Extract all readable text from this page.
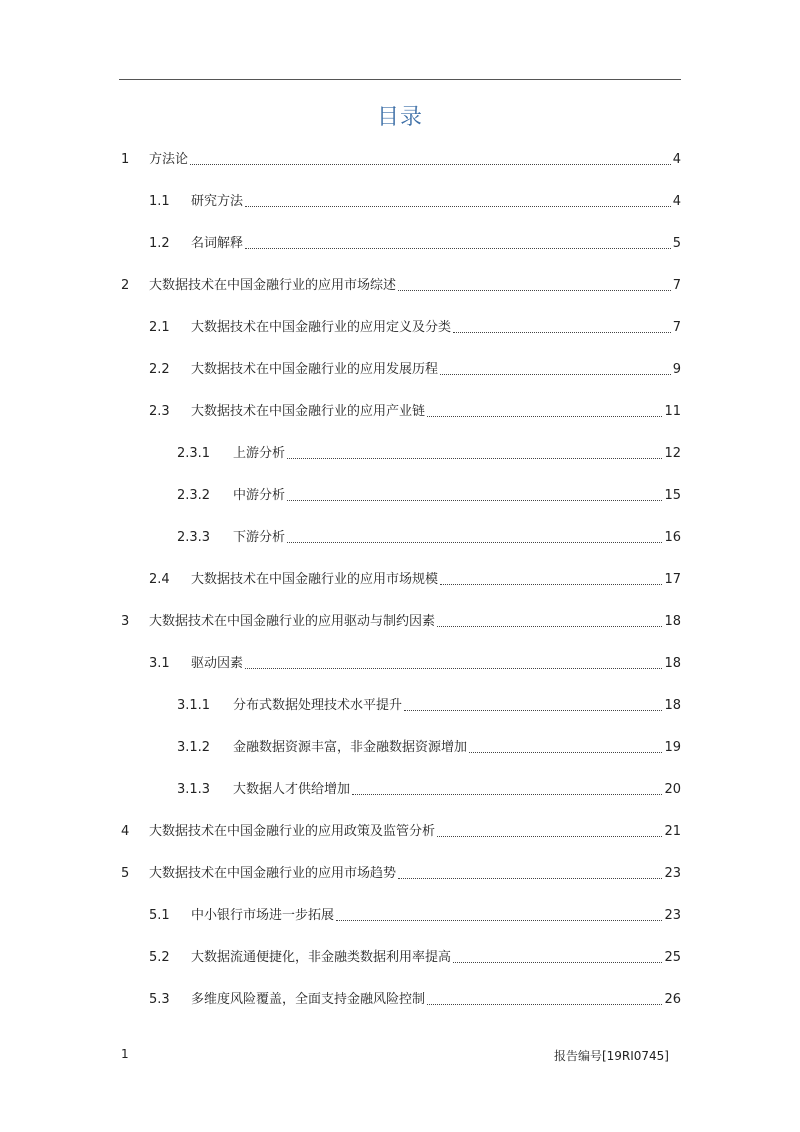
目录
1	方法论	4
1.1	研究方法	4
1.2	名词解释	5
2	大数据技术在中国金融行业的应用市场综述	7
2.1	大数据技术在中国金融行业的应用定义及分类	7
2.2	大数据技术在中国金融行业的应用发展历程	9
2.3	大数据技术在中国金融行业的应用产业链	11
2.3.1	上游分析	12
2.3.2	中游分析	15
2.3.3	下游分析	16
2.4	大数据技术在中国金融行业的应用市场规模	17
3	大数据技术在中国金融行业的应用驱动与制约因素	18
3.1	驱动因素	18
3.1.1	分布式数据处理技术水平提升	18
3.1.2	金融数据资源丰富，非金融数据资源增加	19
3.1.3	大数据人才供给增加	20
4	大数据技术在中国金融行业的应用政策及监管分析	21
5	大数据技术在中国金融行业的应用市场趋势	23
5.1	中小银行市场进一步拓展	23
5.2	大数据流通便捷化，非金融类数据利用率提高	25
5.3	多维度风险覆盖，全面支持金融风险控制	26
1	报告编号[19RI0745]
